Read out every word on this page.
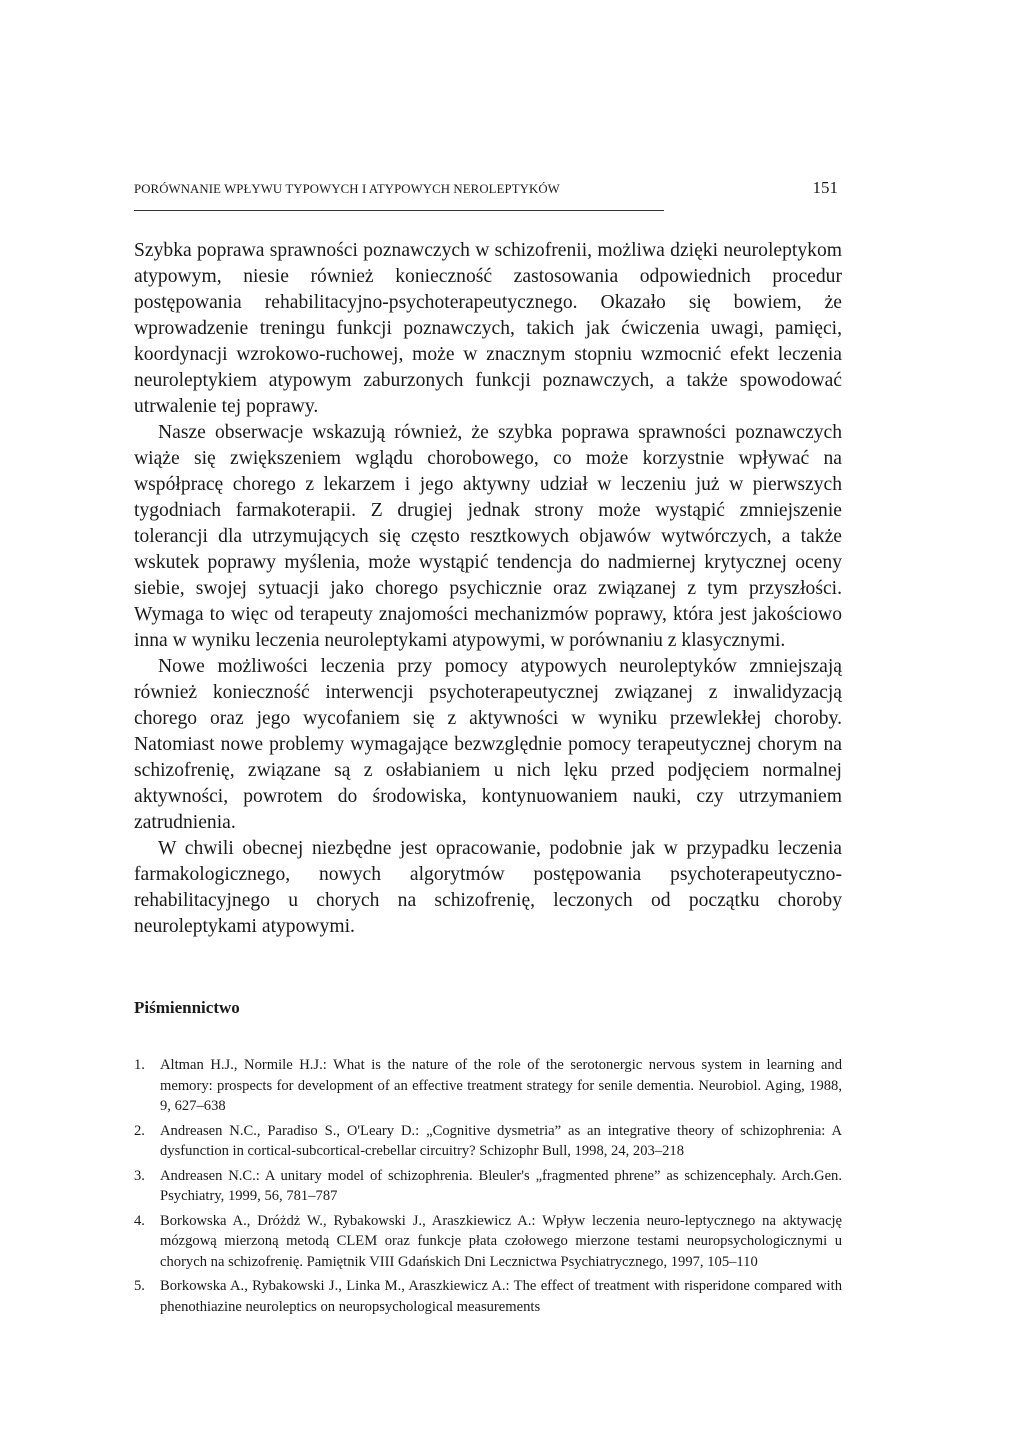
PORÓWNANIE WPŁYWU TYPOWYCH I ATYPOWYCH NEROLEPTYKÓW	151

Szybka poprawa sprawności poznawczych w schizofrenii, możliwa dzięki neuroleptykom atypowym, niesie również konieczność zastosowania odpowiednich procedur postępowania rehabilitacyjno-psychoterapeutycznego. Okazało się bowiem, że wprowadzenie treningu funkcji poznawczych, takich jak ćwiczenia uwagi, pamięci, koordynacji wzrokowo-ruchowej, może w znacznym stopniu wzmocnić efekt leczenia neuroleptykiem atypowym zaburzonych funkcji poznawczych, a także spowodować utrwalenie tej poprawy.

Nasze obserwacje wskazują również, że szybka poprawa sprawności poznawczych wiąże się zwiększeniem wglądu chorobowego, co może korzystnie wpływać na współpracę chorego z lekarzem i jego aktywny udział w leczeniu już w pierwszych tygodniach farmakoterapii. Z drugiej jednak strony może wystąpić zmniejszenie tolerancji dla utrzymujących się często resztkowych objawów wytwórczych, a także wskutek poprawy myślenia, może wystąpić tendencja do nadmiernej krytycznej oceny siebie, swojej sytuacji jako chorego psychicznie oraz związanej z tym przyszłości. Wymaga to więc od terapeuty znajomości mechanizmów poprawy, która jest jakościowo inna w wyniku leczenia neuroleptykami atypowymi, w porównaniu z klasycznymi.

Nowe możliwości leczenia przy pomocy atypowych neuroleptyków zmniejszają również konieczność interwencji psychoterapeutycznej związanej z inwalidyzacją chorego oraz jego wycofaniem się z aktywności w wyniku przewlekłej choroby. Natomiast nowe problemy wymagające bezwzględnie pomocy terapeutycznej chorym na schizofrenię, związane są z osłabianiem u nich lęku przed podjęciem normalnej aktywności, powrotem do środowiska, kontynuowaniem nauki, czy utrzymaniem zatrudnienia.

W chwili obecnej niezbędne jest opracowanie, podobnie jak w przypadku leczenia farmakologicznego, nowych algorytmów postępowania psychoterapeutyczno-rehabilitacyjnego u chorych na schizofrenię, leczonych od początku choroby neuroleptykami atypowymi.

Piśmiennictwo
1.	Altman H.J., Normile H.J.: What is the nature of the role of the serotonergic nervous system in learning and memory: prospects for development of an effective treatment strategy for senile dementia. Neurobiol. Aging, 1988, 9, 627–638
2.	Andreasen N.C., Paradiso S., O'Leary D.: „Cognitive dysmetria” as an integrative theory of schizophrenia: A dysfunction in cortical-subcortical-crebellar circuitry? Schizophr Bull, 1998, 24, 203–218
3.	Andreasen N.C.: A unitary model of schizophrenia. Bleuler's „fragmented phrene” as schizencephaly. Arch.Gen. Psychiatry, 1999, 56, 781–787
4.	Borkowska A., Dróżdż W., Rybakowski J., Araszkiewicz A.: Wpływ leczenia neuro-leptycznego na aktywację mózgową mierzoną metodą CLEM oraz funkcje płata czołowego mierzone testami neuropsychologicznymi u chorych na schizofrenię. Pamiętnik VIII Gdańskich Dni Lecznictwa Psychiatrycznego, 1997, 105–110
5.	Borkowska A., Rybakowski J., Linka M., Araszkiewicz A.: The effect of treatment with risperidone compared with phenothiazine neuroleptics on neuropsychological measurements
